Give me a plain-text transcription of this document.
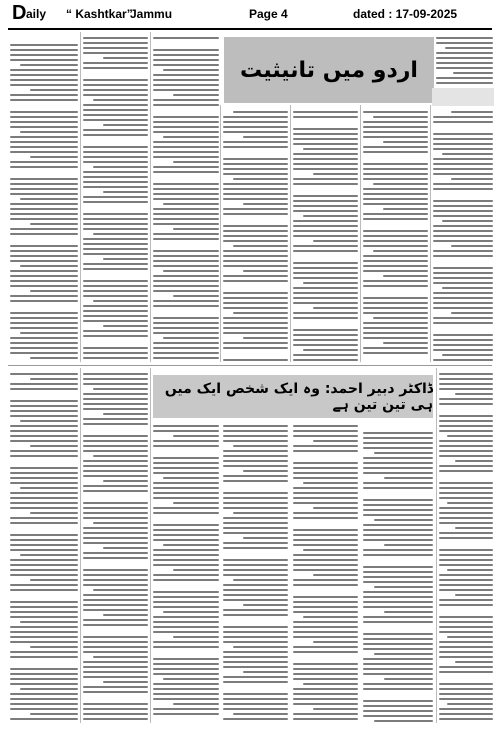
D aily “ Kashtkar”
Jammu	Page 4	dated : 17-09-2025
اردو میں تانیثیت
ڈاکٹر دبیر احمد: وہ ایک شخص ایک میں ہی تین تین ہے
